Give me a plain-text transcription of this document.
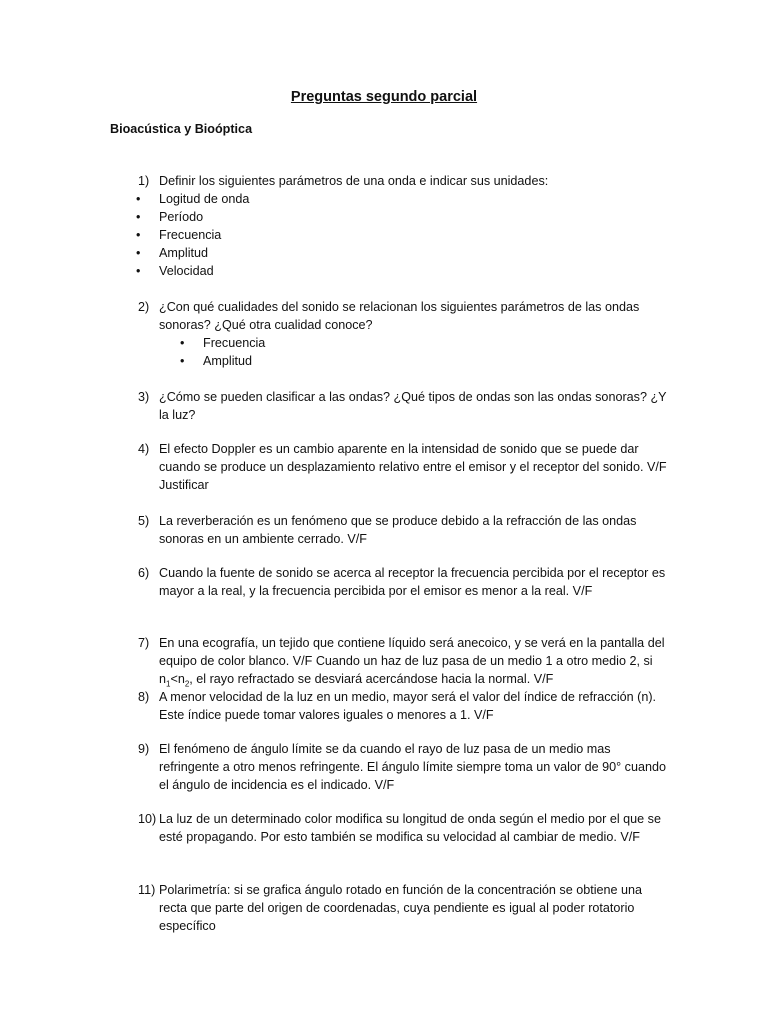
Preguntas segundo parcial
Bioacústica y Bioóptica
1) Definir los siguientes parámetros de una onda e indicar sus unidades:
• Logitud de onda
• Período
• Frecuencia
• Amplitud
• Velocidad
2) ¿Con qué cualidades del sonido se relacionan los siguientes parámetros de las ondas sonoras? ¿Qué otra cualidad conoce?
• Frecuencia
• Amplitud
3) ¿Cómo se pueden clasificar a las ondas? ¿Qué tipos de ondas son las ondas sonoras? ¿Y la luz?
4) El efecto Doppler es un cambio aparente en la intensidad de sonido que se puede dar cuando se produce un desplazamiento relativo entre el emisor y el receptor del sonido. V/F Justificar
5) La reverberación es un fenómeno que se produce debido a la refracción de las ondas sonoras en un ambiente cerrado. V/F
6) Cuando la fuente de sonido se acerca al receptor la frecuencia percibida por el receptor es mayor a la real, y la frecuencia percibida por el emisor es menor a la real. V/F
7) En una ecografía, un tejido que contiene líquido será anecoico, y se verá en la pantalla del equipo de color blanco. V/F Cuando un haz de luz pasa de un medio 1 a otro medio 2, si $n_1<n_2$, el rayo refractado se desviará acercándose hacia la normal. V/F
8) A menor velocidad de la luz en un medio, mayor será el valor del índice de refracción (n). Este índice puede tomar valores iguales o menores a 1. V/F
9) El fenómeno de ángulo límite se da cuando el rayo de luz pasa de un medio mas refringente a otro menos refringente. El ángulo límite siempre toma un valor de 90° cuando el ángulo de incidencia es el indicado. V/F
10) La luz de un determinado color modifica su longitud de onda según el medio por el que se esté propagando. Por esto también se modifica su velocidad al cambiar de medio. V/F
11) Polarimetría: si se grafica ángulo rotado en función de la concentración se obtiene una recta que parte del origen de coordenadas, cuya pendiente es igual al poder rotatorio específico
